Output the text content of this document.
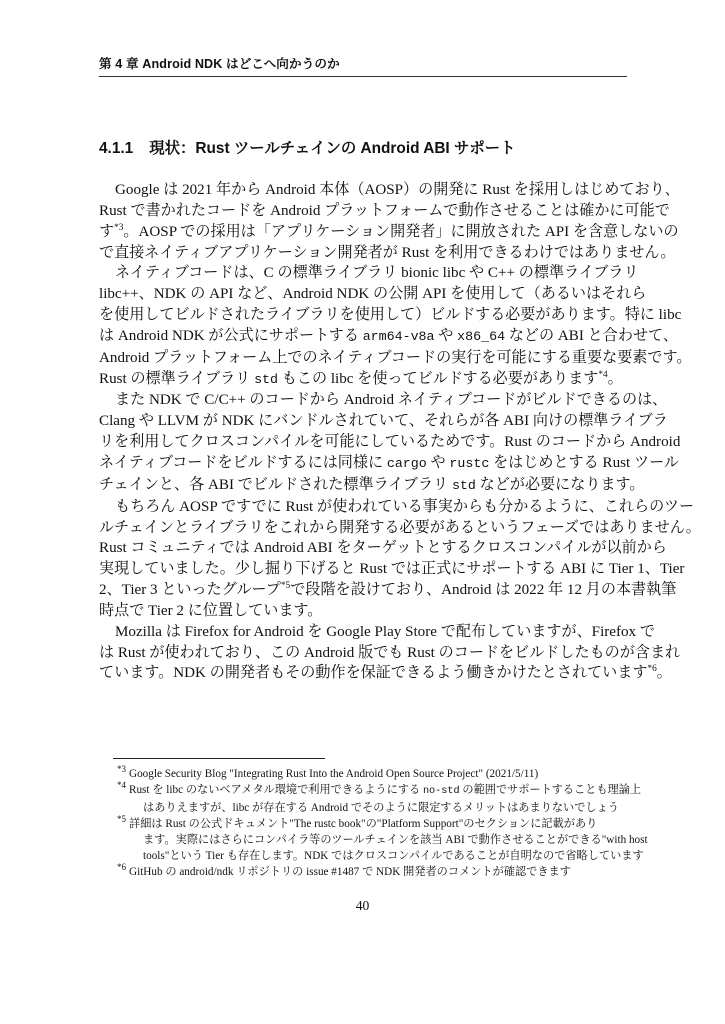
第 4 章 Android NDK はどこへ向かうのか
4.1.1 現状：Rust ツールチェインの Android ABI サポート

Google は 2021 年から Android 本体（AOSP）の開発に Rust を採用しはじめており、
Rust で書かれたコードを Android プラットフォームで動作させることは確かに可能で
す$^{*3}$。AOSP での採用は「アプリケーション開発者」に開放された API を含意しないの
で直接ネイティブアプリケーション開発者が Rust を利用できるわけではありません。

ネイティブコードは、C の標準ライブラリ bionic libc や C++ の標準ライブラリ
libc++、NDK の API など、Android NDK の公開 API を使用して（あるいはそれら
を使用してビルドされたライブラリを使用して）ビルドする必要があります。特に libc
は Android NDK が公式にサポートする arm64-v8a や x86_64 などの ABI と合わせて、
Android プラットフォーム上でのネイティブコードの実行を可能にする重要な要素です。
Rust の標準ライブラリ std もこの libc を使ってビルドする必要があります$^{*4}$。

また NDK で C/C++ のコードから Android ネイティブコードがビルドできるのは、
Clang や LLVM が NDK にバンドルされていて、それらが各 ABI 向けの標準ライブラ
リを利用してクロスコンパイルを可能にしているためです。Rust のコードから Android
ネイティブコードをビルドするには同様に cargo や rustc をはじめとする Rust ツール
チェインと、各 ABI でビルドされた標準ライブラリ std などが必要になります。

もちろん AOSP ですでに Rust が使われている事実からも分かるように、これらのツー
ルチェインとライブラリをこれから開発する必要があるというフェーズではありません。
Rust コミュニティでは Android ABI をターゲットとするクロスコンパイルが以前から
実現していました。少し掘り下げると Rust では正式にサポートする ABI に Tier 1、Tier
2、Tier 3 といったグループ$^{*5}$で段階を設けており、Android は 2022 年 12 月の本書執筆
時点で Tier 2 に位置しています。

Mozilla は Firefox for Android を Google Play Store で配布していますが、Firefox で
は Rust が使われており、この Android 版でも Rust のコードをビルドしたものが含まれ
ています。NDK の開発者もその動作を保証できるよう働きかけたとされています$^{*6}$。

$^{*3}$ Google Security Blog "Integrating Rust Into the Android Open Source Project" (2021/5/11)
$^{*4}$ Rust を libc のないベアメタル環境で利用できるようにする no-std の範囲でサポートすることも理論上
はありえますが、libc が存在する Android でそのように限定するメリットはあまりないでしょう
$^{*5}$ 詳細は Rust の公式ドキュメント"The rustc book"の"Platform Support"のセクションに記載があり
ます。実際にはさらにコンパイラ等のツールチェインを該当 ABI で動作させることができる"with host
tools"という Tier も存在します。NDK ではクロスコンパイルであることが自明なので省略しています
$^{*6}$ GitHub の android/ndk リポジトリの issue #1487 で NDK 開発者のコメントが確認できます
40
